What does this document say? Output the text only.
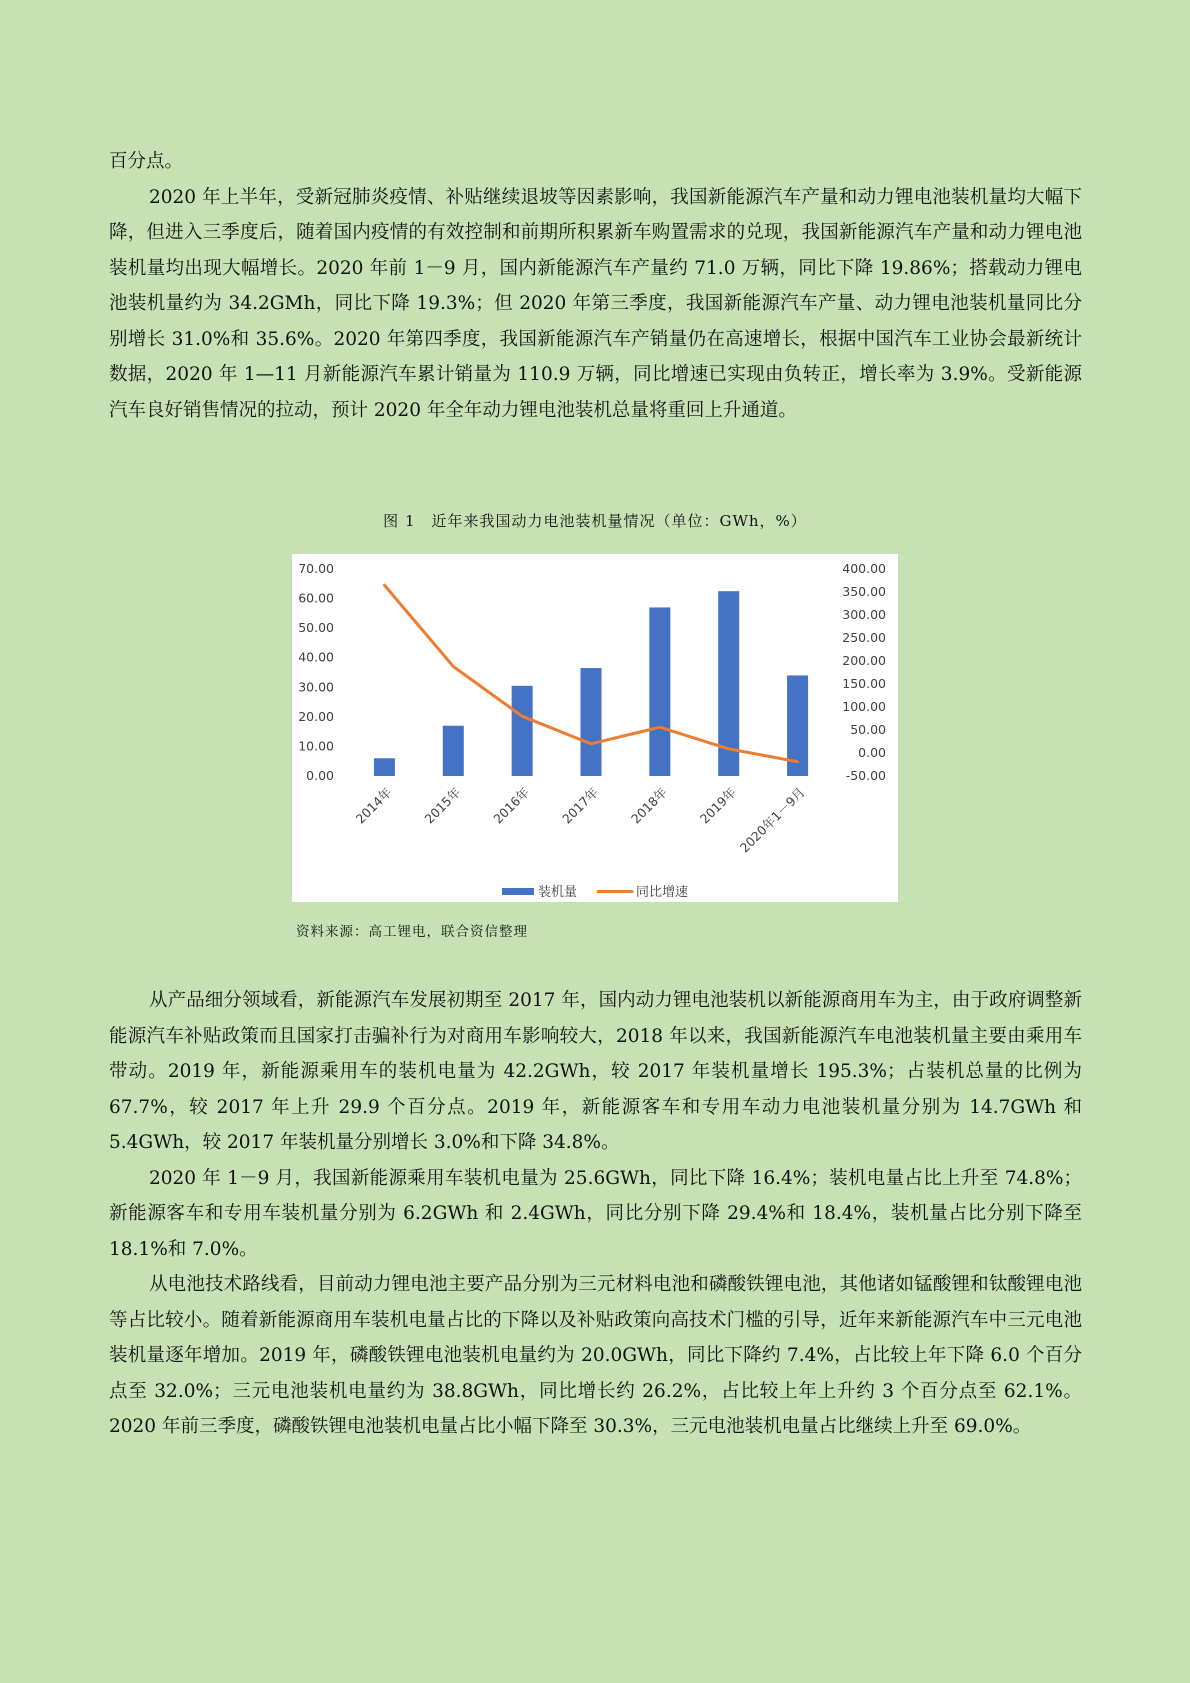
百分点。

2020 年上半年，受新冠肺炎疫情、补贴继续退坡等因素影响，我国新能源汽车产量和动力锂电池装机量均大幅下降，但进入三季度后，随着国内疫情的有效控制和前期所积累新车购置需求的兑现，我国新能源汽车产量和动力锂电池装机量均出现大幅增长。2020 年前 1－9 月，国内新能源汽车产量约 71.0 万辆，同比下降 19.86%；搭载动力锂电池装机量约为 34.2GMh，同比下降 19.3%；但 2020 年第三季度，我国新能源汽车产量、动力锂电池装机量同比分别增长 31.0%和 35.6%。2020 年第四季度，我国新能源汽车产销量仍在高速增长，根据中国汽车工业协会最新统计数据，2020 年 1—11 月新能源汽车累计销量为 110.9 万辆，同比增速已实现由负转正，增长率为 3.9%。受新能源汽车良好销售情况的拉动，预计 2020 年全年动力锂电池装机总量将重回上升通道。

图 1　近年来我国动力电池装机量情况（单位：GWh，%）
0.00
10.00
20.00
30.00
40.00
50.00
60.00
70.00
-50.00
0.00
50.00
100.00
150.00
200.00
250.00
300.00
350.00
400.00
2014年 2015年 2016年 2017年 2018年 2019年
2020年1－9月
装机量	同比增速
资料来源：高工锂电，联合资信整理

从产品细分领域看，新能源汽车发展初期至 2017 年，国内动力锂电池装机以新能源商用车为主，由于政府调整新能源汽车补贴政策而且国家打击骗补行为对商用车影响较大，2018 年以来，我国新能源汽车电池装机量主要由乘用车带动。2019 年，新能源乘用车的装机电量为 42.2GWh，较 2017 年装机量增长 195.3%；占装机总量的比例为 67.7%，较 2017 年上升 29.9 个百分点。2019 年，新能源客车和专用车动力电池装机量分别为 14.7GWh 和 5.4GWh，较 2017 年装机量分别增长 3.0%和下降 34.8%。

2020 年 1－9 月，我国新能源乘用车装机电量为 25.6GWh，同比下降 16.4%；装机电量占比上升至 74.8%；新能源客车和专用车装机量分别为 6.2GWh 和 2.4GWh，同比分别下降 29.4%和 18.4%，装机量占比分别下降至 18.1%和 7.0%。

从电池技术路线看，目前动力锂电池主要产品分别为三元材料电池和磷酸铁锂电池，其他诸如锰酸锂和钛酸锂电池等占比较小。随着新能源商用车装机电量占比的下降以及补贴政策向高技术门槛的引导，近年来新能源汽车中三元电池装机量逐年增加。2019 年，磷酸铁锂电池装机电量约为 20.0GWh，同比下降约 7.4%，占比较上年下降 6.0 个百分点至 32.0%；三元电池装机电量约为 38.8GWh，同比增长约 26.2%，占比较上年上升约 3 个百分点至 62.1%。2020 年前三季度，磷酸铁锂电池装机电量占比小幅下降至 30.3%，三元电池装机电量占比继续上升至 69.0%。
